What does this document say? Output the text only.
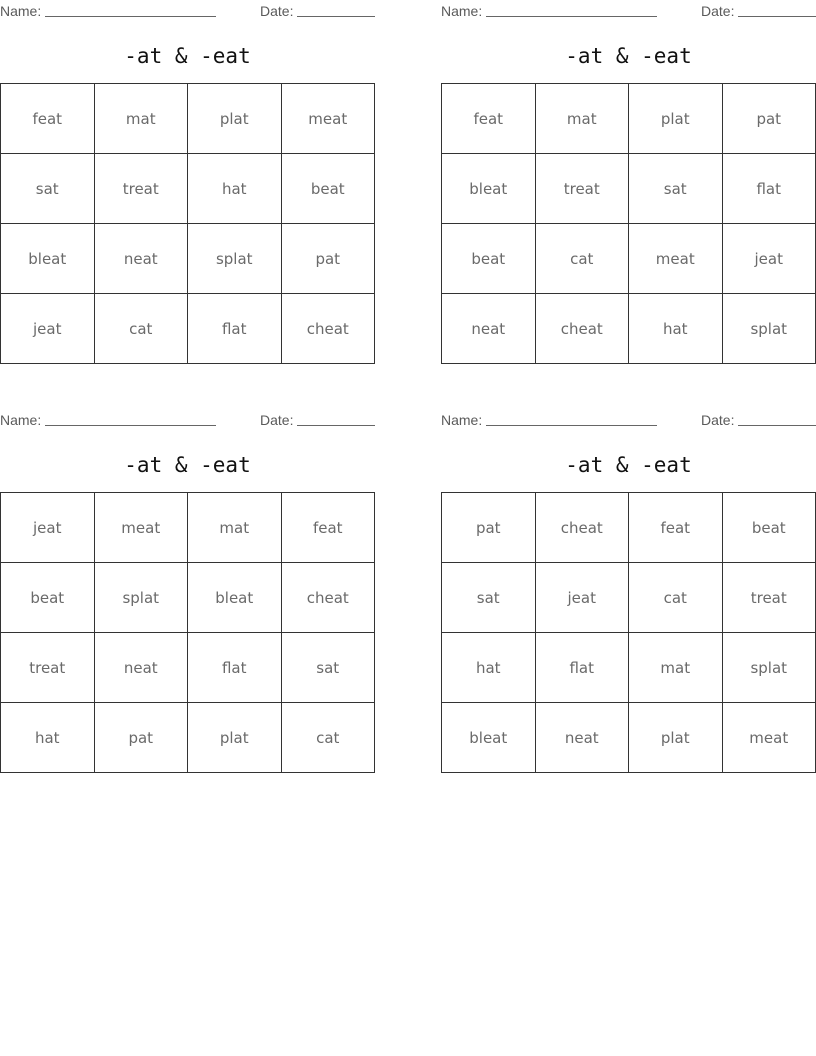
Name:	Date:
-at & -eat
feat	mat	plat	meat
sat	treat	hat	beat
bleat	neat	splat	pat
jeat	cat	flat	cheat
Name:	Date:
-at & -eat
feat	mat	plat	pat
bleat	treat	sat	flat
beat	cat	meat	jeat
neat	cheat	hat	splat
Name:	Date:
-at & -eat
jeat	meat	mat	feat
beat	splat	bleat	cheat
treat	neat	flat	sat
hat	pat	plat	cat
Name:	Date:
-at & -eat
pat	cheat	feat	beat
sat	jeat	cat	treat
hat	flat	mat	splat
bleat	neat	plat	meat
